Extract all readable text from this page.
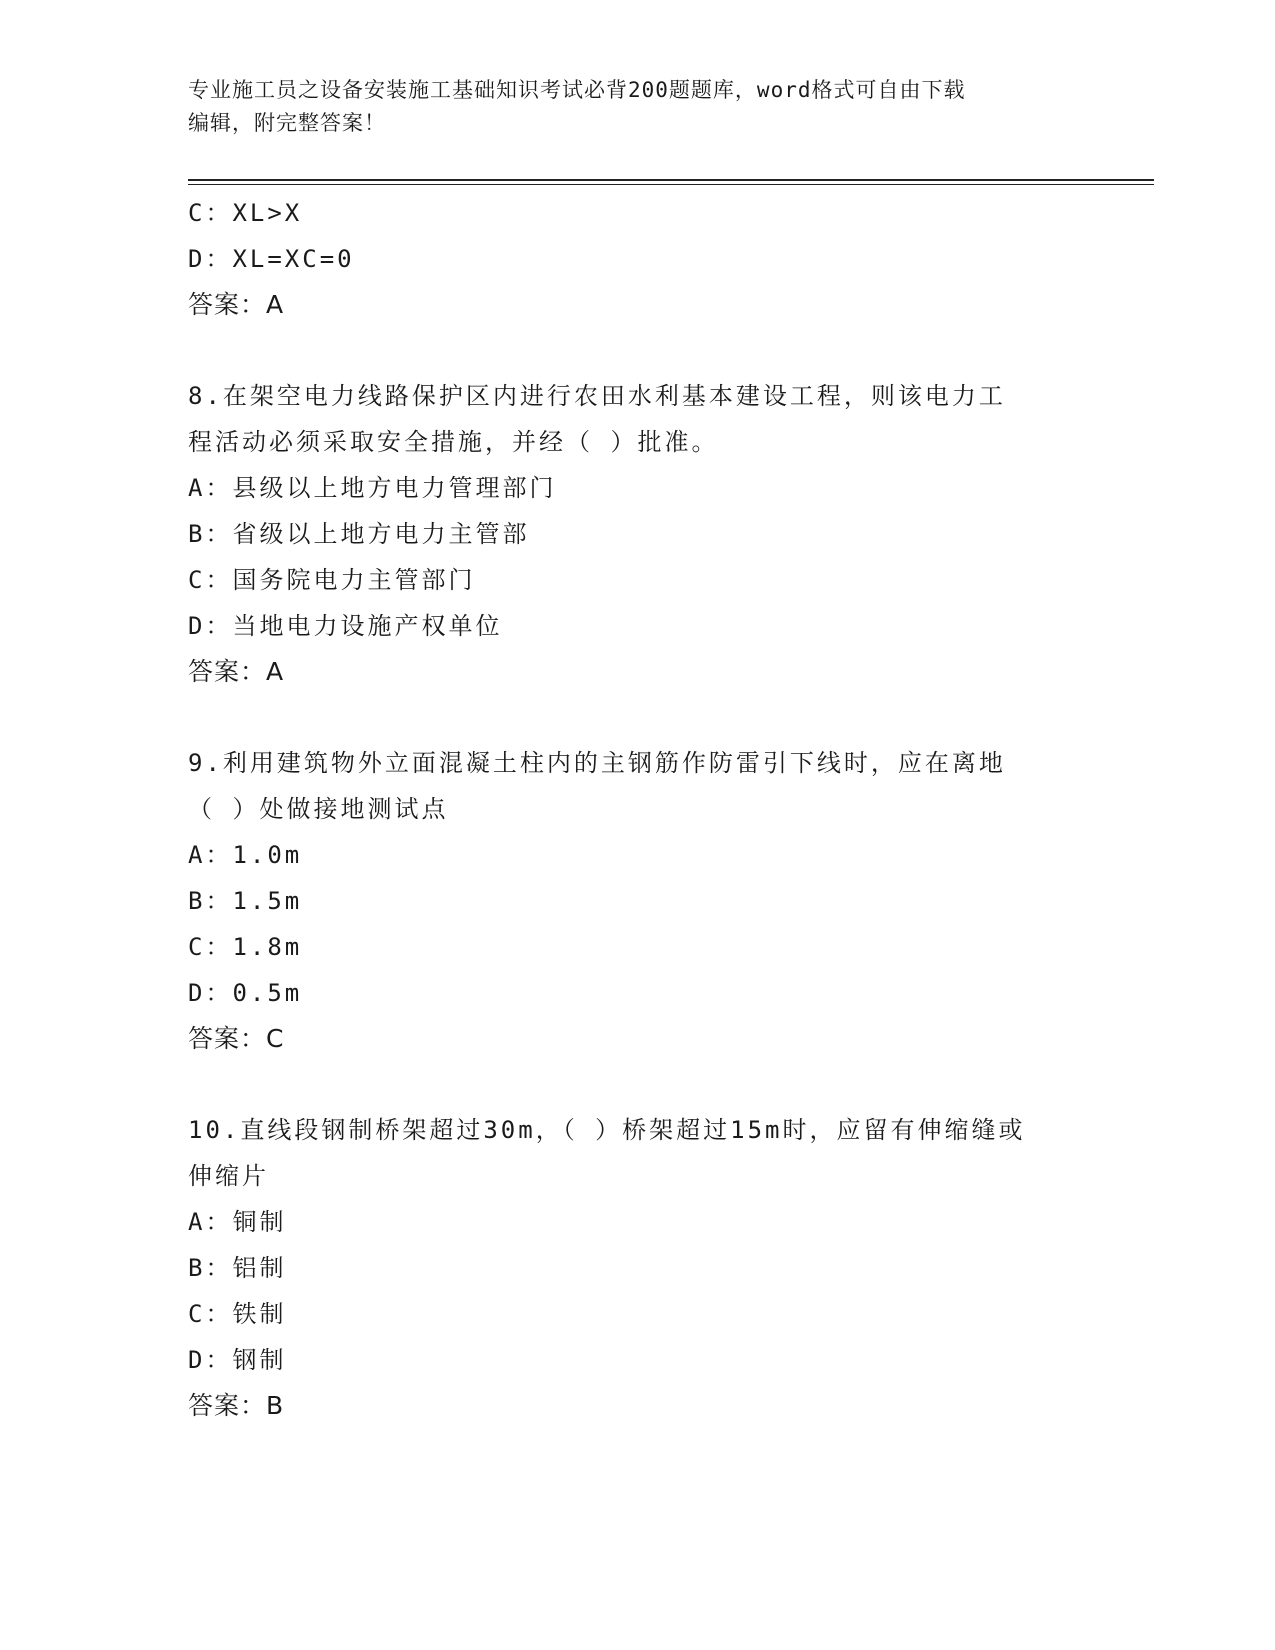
专业施工员之设备安装施工基础知识考试必背200题题库，word格式可自由下载
编辑，附完整答案！
C：XL>X
D：XL=XC=0
答案：A
8.在架空电力线路保护区内进行农田水利基本建设工程，则该电力工
程活动必须采取安全措施，并经（ ）批准。
A：县级以上地方电力管理部门
B：省级以上地方电力主管部
C：国务院电力主管部门
D：当地电力设施产权单位
答案：A
9.利用建筑物外立面混凝土柱内的主钢筋作防雷引下线时，应在离地
（ ）处做接地测试点
A：1.0m
B：1.5m
C：1.8m
D：0.5m
答案：C
10.直线段钢制桥架超过30m，（ ）桥架超过15m时，应留有伸缩缝或
伸缩片
A：铜制
B：铝制
C：铁制
D：钢制
答案：B
